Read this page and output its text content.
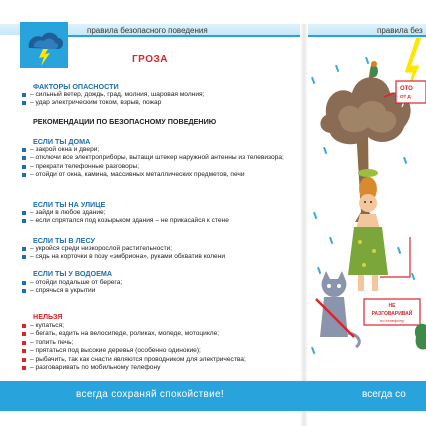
правила безопасного поведения	правила без
ГРОЗА
ФАКТОРЫ ОПАСНОСТИ
– сильный ветер, дождь, град, молния, шаровая молния;
– удар электрическим током, взрыв, пожар
РЕКОМЕНДАЦИИ ПО БЕЗОПАСНОМУ ПОВЕДЕНИЮ
ЕСЛИ ТЫ ДОМА
– закрой окна и двери;
– отключи все электроприборы, вытащи штекер наружной антенны из телевизора;
– прекрати телефонные разговоры;
– отойди от окна, камина, массивных металлических предметов, печи
ЕСЛИ ТЫ НА УЛИЦЕ
– зайди в любое здание;
– если спрятался под козырьком здания – не прикасайся к стене
ЕСЛИ ТЫ В ЛЕСУ
– укройся среди низкорослой растительности;
– сядь на корточки в позу «эмбриона», руками обхватив колени
ЕСЛИ ТЫ У ВОДОЕМА
– отойди подальше от берега;
– спрячься в укрытии
НЕЛЬЗЯ
– купаться;
– бегать, ездить на велосипеде, роликах, мопеде, мотоцикле;
– топить печь;
– прятаться под высокие деревья (особенно одинокие);
– рыбачить, так как снасти являются проводником для электричества;
– разговаривать по мобильному телефону
всегда сохраняй спокойствие!	всегда со
ОТО
ОТ Д
НЕ
РАЗГОВАРИВАЙ
по телефону
